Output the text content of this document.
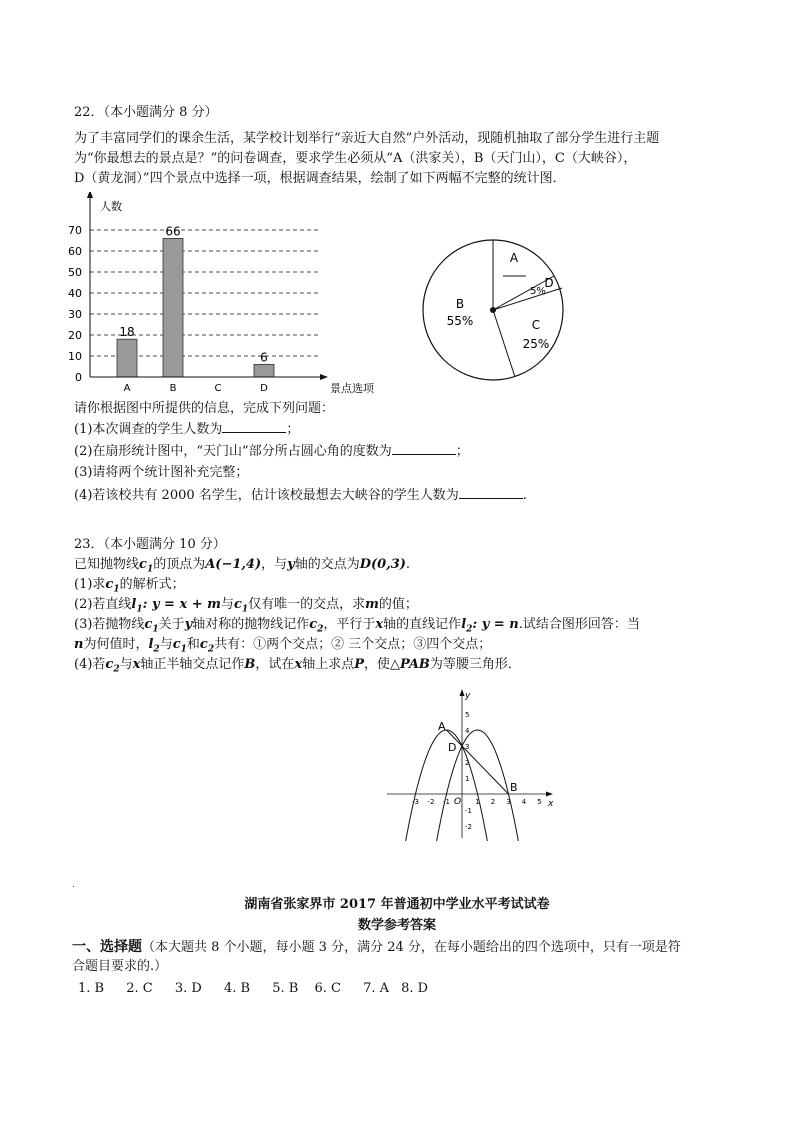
22．（本小题满分 8 分）
为了丰富同学们的课余生活，某学校计划举行“亲近大自然”户外活动，现随机抽取了部分学生进行主题
为“你最想去的景点是？”的问卷调查，要求学生必须从“A（洪家关），B（天门山），C（大峡谷），
D（黄龙洞）”四个景点中选择一项，根据调查结果，绘制了如下两幅不完整的统计图．
0
10
20
30
40
50
60
70
A
18
B
66
C	D
6
人数
景点选项
A
D
5%
C
25%
B
55%
请你根据图中所提供的信息，完成下列问题：
(1)本次调查的学生人数为	；
(2)在扇形统计图中，“天门山”部分所占圆心角的度数为	；
(3)请将两个统计图补充完整；
(4)若该校共有 2000 名学生，估计该校最想去大峡谷的学生人数为	.
23．（本小题满分 10 分）
已知抛物线$c_1$的顶点为A(−1,4)，与y轴的交点为D(0,3).
(1)求$c_1$的解析式；
(2)若直线$l_1$: y = x + m与$c_1$仅有唯一的交点，求m的值；
(3)若抛物线$c_1$关于y轴对称的抛物线记作$c_2$，平行于x轴的直线记作$l_2$: y = n.试结合图形回答：当
n为何值时，$l_2$与$c_1$和$c_2$共有：①两个交点；② 三个交点；③四个交点；
(4)若$c_2$与x轴正半轴交点记作B，试在x轴上求点P，使△PAB为等腰三角形．
-3 -2 -1	1 2 3 4 5
5
4
3
2
1
-1
-2
y
x
O
A
D
B
.
湖南省张家界市 2017 年普通初中学业水平考试试卷
数学参考答案
一、选择题（本大题共 8 个小题，每小题 3 分，满分 24 分，在每小题给出的四个选项中，只有一项是符
合题目要求的.）
1. B 2. C 3. D 4. B 5. B 6. C 7. A 8. D
